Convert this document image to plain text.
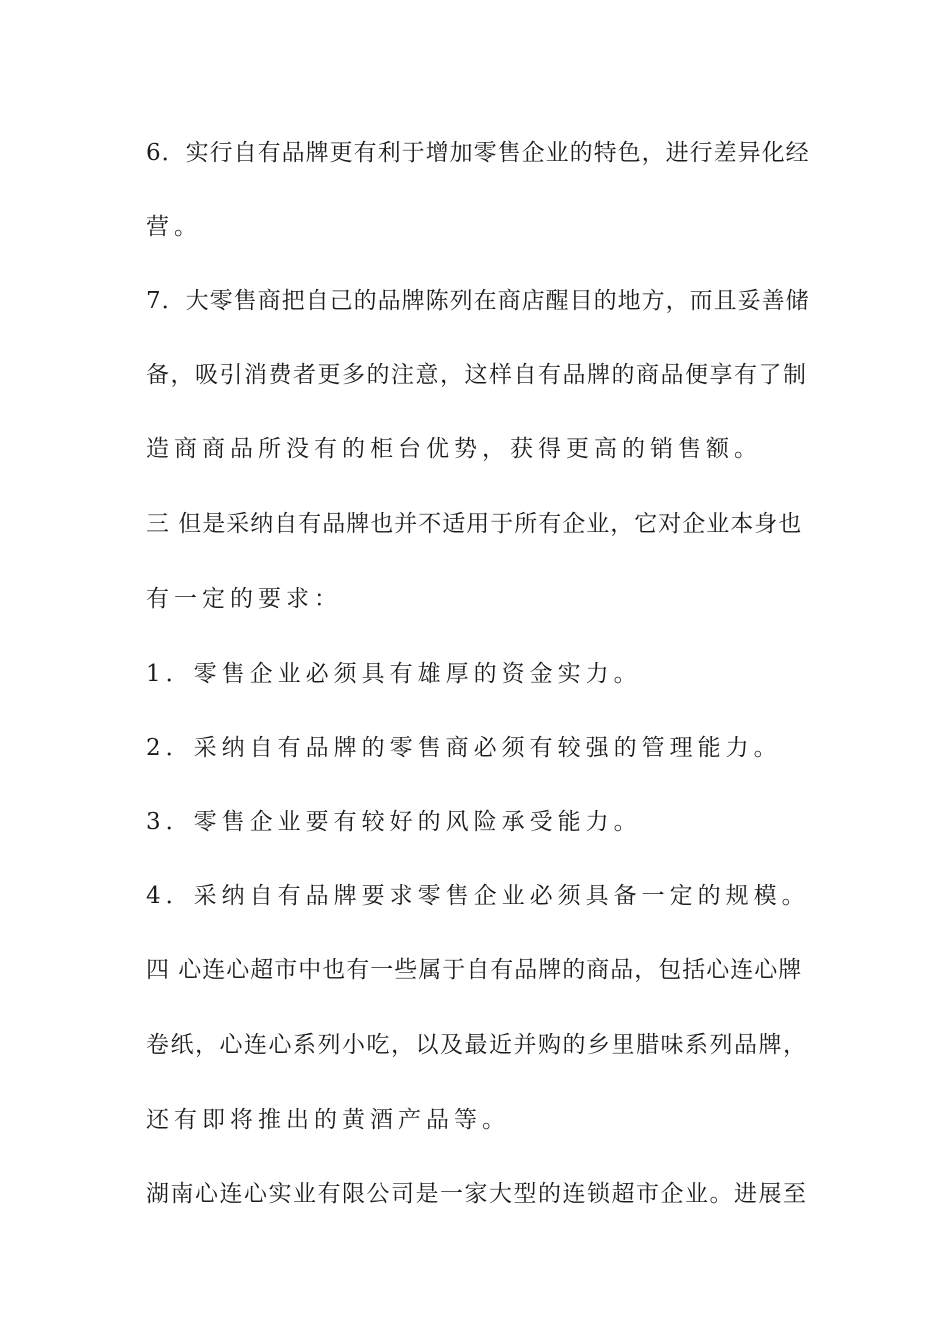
6．实行自有品牌更有利于增加零售企业的特色，进行差异化经
营。
7．大零售商把自己的品牌陈列在商店醒目的地方，而且妥善储
备，吸引消费者更多的注意，这样自有品牌的商品便享有了制
造商商品所没有的柜台优势，获得更高的销售额。
三 但是采纳自有品牌也并不适用于所有企业，它对企业本身也
有一定的要求：
1．零售企业必须具有雄厚的资金实力。
2．采纳自有品牌的零售商必须有较强的管理能力。
3．零售企业要有较好的风险承受能力。
4．采纳自有品牌要求零售企业必须具备一定的规模。
四 心连心超市中也有一些属于自有品牌的商品，包括心连心牌
卷纸，心连心系列小吃，以及最近并购的乡里腊味系列品牌，
还有即将推出的黄酒产品等。
湖南心连心实业有限公司是一家大型的连锁超市企业。进展至
